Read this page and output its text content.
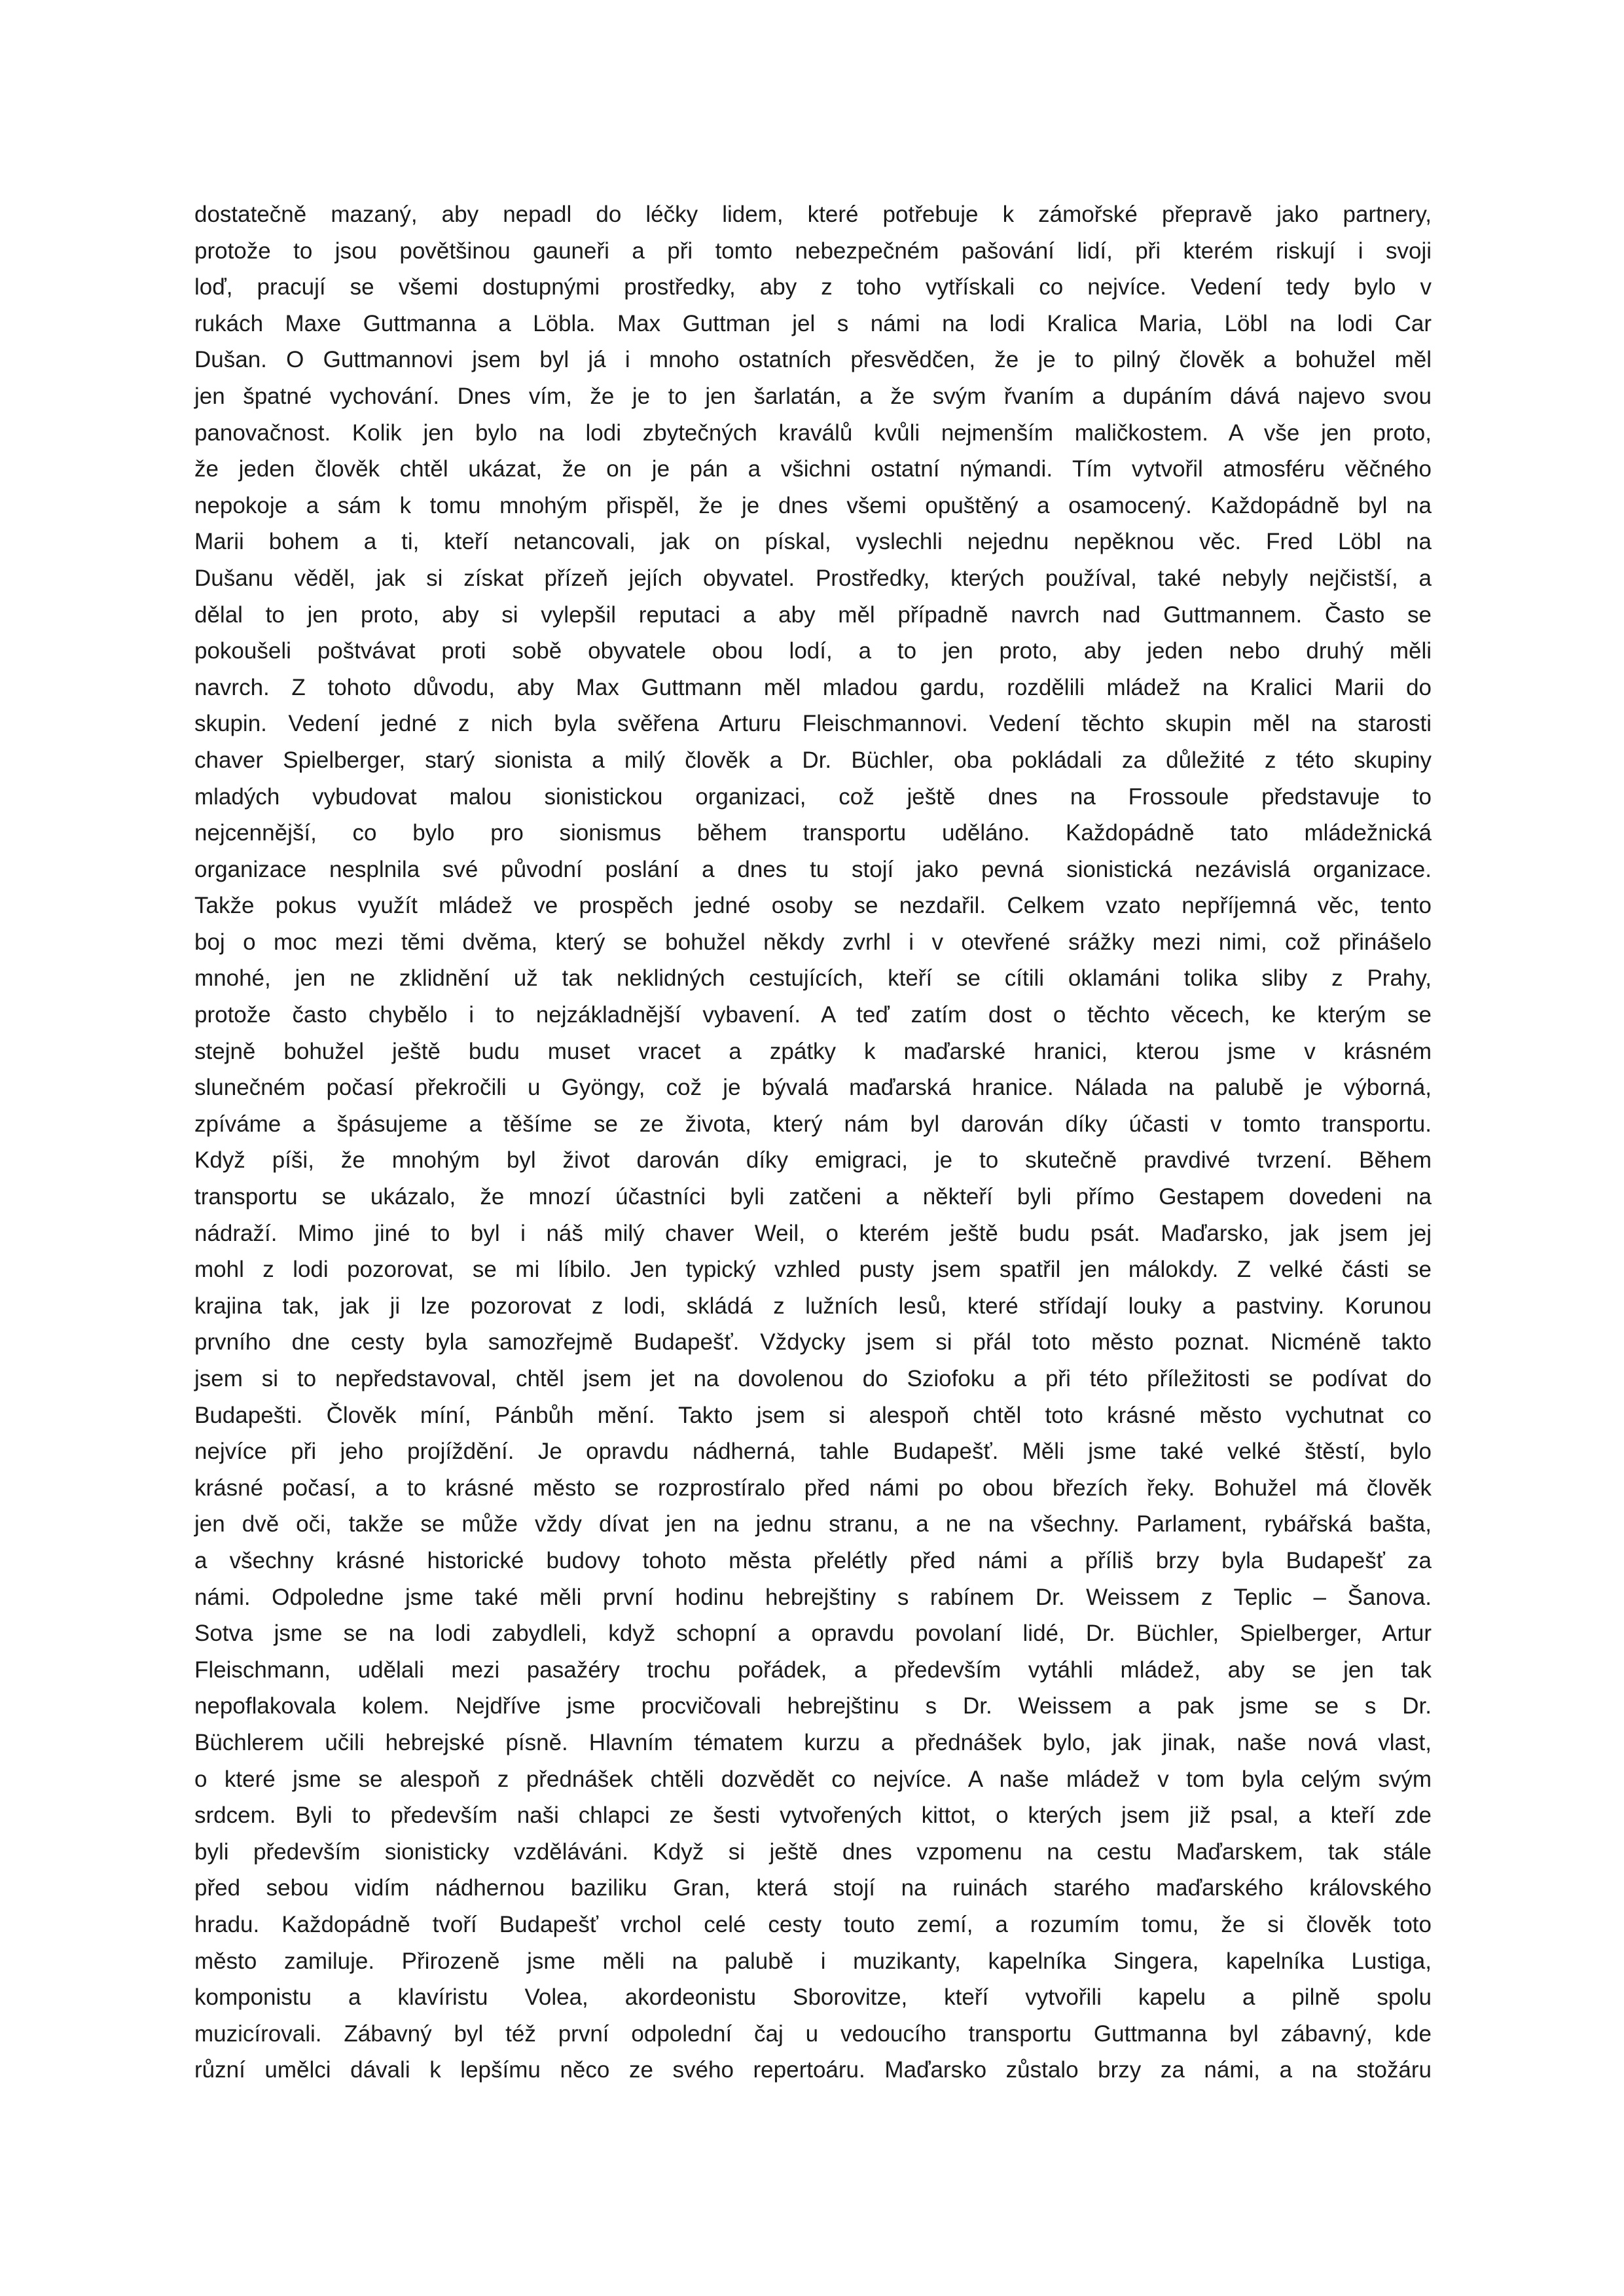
dostatečně mazaný, aby nepadl do léčky lidem, které potřebuje k zámořské přepravě jako partnery,
protože to jsou povětšinou gauneři a při tomto nebezpečném pašování lidí, při kterém riskují i svoji
loď, pracují se všemi dostupnými prostředky, aby z toho vytřískali co nejvíce. Vedení tedy bylo v
rukách Maxe Guttmanna a Löbla. Max Guttman jel s námi na lodi Kralica Maria, Löbl na lodi Car
Dušan. O Guttmannovi jsem byl já i mnoho ostatních přesvědčen, že je to pilný člověk a bohužel měl
jen špatné vychování. Dnes vím, že je to jen šarlatán, a že svým řvaním a dupáním dává najevo svou
panovačnost. Kolik jen bylo na lodi zbytečných kraválů kvůli nejmenším maličkostem. A vše jen proto,
že jeden člověk chtěl ukázat, že on je pán a všichni ostatní nýmandi. Tím vytvořil atmosféru věčného
nepokoje a sám k tomu mnohým přispěl, že je dnes všemi opuštěný a osamocený. Každopádně byl na
Marii bohem a ti, kteří netancovali, jak on pískal, vyslechli nejednu nepěknou věc. Fred Löbl na
Dušanu věděl, jak si získat přízeň jejích obyvatel. Prostředky, kterých používal, také nebyly nejčistší, a
dělal to jen proto, aby si vylepšil reputaci a aby měl případně navrch nad Guttmannem. Často se
pokoušeli poštvávat proti sobě obyvatele obou lodí, a to jen proto, aby jeden nebo druhý měli
navrch. Z tohoto důvodu, aby Max Guttmann měl mladou gardu, rozdělili mládež na Kralici Marii do
skupin. Vedení jedné z nich byla svěřena Arturu Fleischmannovi. Vedení těchto skupin měl na starosti
chaver Spielberger, starý sionista a milý člověk a Dr. Büchler, oba pokládali za důležité z této skupiny
mladých vybudovat malou sionistickou organizaci, což ještě dnes na Frossoule představuje to
nejcennější, co bylo pro sionismus během transportu uděláno. Každopádně tato mládežnická
organizace nesplnila své původní poslání a dnes tu stojí jako pevná sionistická nezávislá organizace.
Takže pokus využít mládež ve prospěch jedné osoby se nezdařil. Celkem vzato nepříjemná věc, tento
boj o moc mezi těmi dvěma, který se bohužel někdy zvrhl i v otevřené srážky mezi nimi, což přinášelo
mnohé, jen ne zklidnění už tak neklidných cestujících, kteří se cítili oklamáni tolika sliby z Prahy,
protože často chybělo i to nejzákladnější vybavení. A teď zatím dost o těchto věcech, ke kterým se
stejně bohužel ještě budu muset vracet a zpátky k maďarské hranici, kterou jsme v krásném
slunečném počasí překročili u Gyöngy, což je bývalá maďarská hranice. Nálada na palubě je výborná,
zpíváme a špásujeme a těšíme se ze života, který nám byl darován díky účasti v tomto transportu.
Když píši, že mnohým byl život darován díky emigraci, je to skutečně pravdivé tvrzení. Během
transportu se ukázalo, že mnozí účastníci byli zatčeni a někteří byli přímo Gestapem dovedeni na
nádraží. Mimo jiné to byl i náš milý chaver Weil, o kterém ještě budu psát. Maďarsko, jak jsem jej
mohl z lodi pozorovat, se mi líbilo. Jen typický vzhled pusty jsem spatřil jen málokdy. Z velké části se
krajina tak, jak ji lze pozorovat z lodi, skládá z lužních lesů, které střídají louky a pastviny. Korunou
prvního dne cesty byla samozřejmě Budapešť. Vždycky jsem si přál toto město poznat. Nicméně takto
jsem si to nepředstavoval, chtěl jsem jet na dovolenou do Sziofoku a při této příležitosti se podívat do
Budapešti. Člověk míní, Pánbůh mění. Takto jsem si alespoň chtěl toto krásné město vychutnat co
nejvíce při jeho projíždění. Je opravdu nádherná, tahle Budapešť. Měli jsme také velké štěstí, bylo
krásné počasí, a to krásné město se rozprostíralo před námi po obou březích řeky. Bohužel má člověk
jen dvě oči, takže se může vždy dívat jen na jednu stranu, a ne na všechny. Parlament, rybářská bašta,
a všechny krásné historické budovy tohoto města přelétly před námi a příliš brzy byla Budapešť za
námi. Odpoledne jsme také měli první hodinu hebrejštiny s rabínem Dr. Weissem z Teplic – Šanova.
Sotva jsme se na lodi zabydleli, když schopní a opravdu povolaní lidé, Dr. Büchler, Spielberger, Artur
Fleischmann, udělali mezi pasažéry trochu pořádek, a především vytáhli mládež, aby se jen tak
nepoflakovala kolem. Nejdříve jsme procvičovali hebrejštinu s Dr. Weissem a pak jsme se s Dr.
Büchlerem učili hebrejské písně. Hlavním tématem kurzu a přednášek bylo, jak jinak, naše nová vlast,
o které jsme se alespoň z přednášek chtěli dozvědět co nejvíce. A naše mládež v tom byla celým svým
srdcem. Byli to především naši chlapci ze šesti vytvořených kittot, o kterých jsem již psal, a kteří zde
byli především sionisticky vzděláváni. Když si ještě dnes vzpomenu na cestu Maďarskem, tak stále
před sebou vidím nádhernou baziliku Gran, která stojí na ruinách starého maďarského královského
hradu. Každopádně tvoří Budapešť vrchol celé cesty touto zemí, a rozumím tomu, že si člověk toto
město zamiluje. Přirozeně jsme měli na palubě i muzikanty, kapelníka Singera, kapelníka Lustiga,
komponistu a klavíristu Volea, akordeonistu Sborovitze, kteří vytvořili kapelu a pilně spolu
muzicírovali. Zábavný byl též první odpolední čaj u vedoucího transportu Guttmanna byl zábavný, kde
různí umělci dávali k lepšímu něco ze svého repertoáru. Maďarsko zůstalo brzy za námi, a na stožáru
